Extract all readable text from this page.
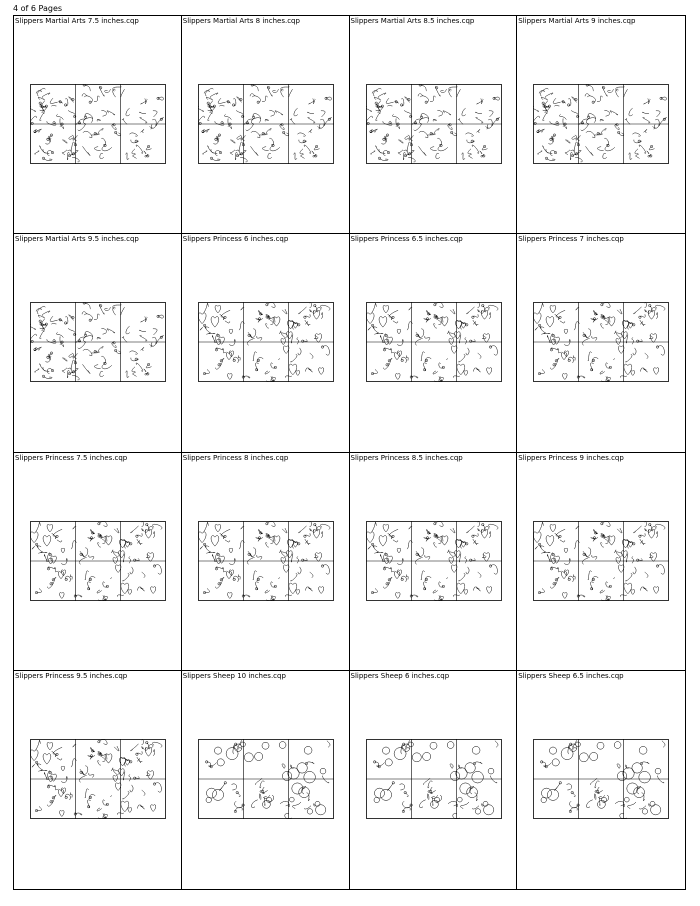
4 of 6 Pages
Slippers Martial Arts 7.5 inches.cqp	Slippers Martial Arts 8 inches.cqp	Slippers Martial Arts 8.5 inches.cqp	Slippers Martial Arts 9 inches.cqp
Slippers Martial Arts 9.5 inches.cqp	Slippers Princess 6 inches.cqp	Slippers Princess 6.5 inches.cqp	Slippers Princess 7 inches.cqp
Slippers Princess 7.5 inches.cqp	Slippers Princess 8 inches.cqp	Slippers Princess 8.5 inches.cqp	Slippers Princess 9 inches.cqp
Slippers Princess 9.5 inches.cqp	Slippers Sheep 10 inches.cqp	Slippers Sheep 6 inches.cqp	Slippers Sheep 6.5 inches.cqp
